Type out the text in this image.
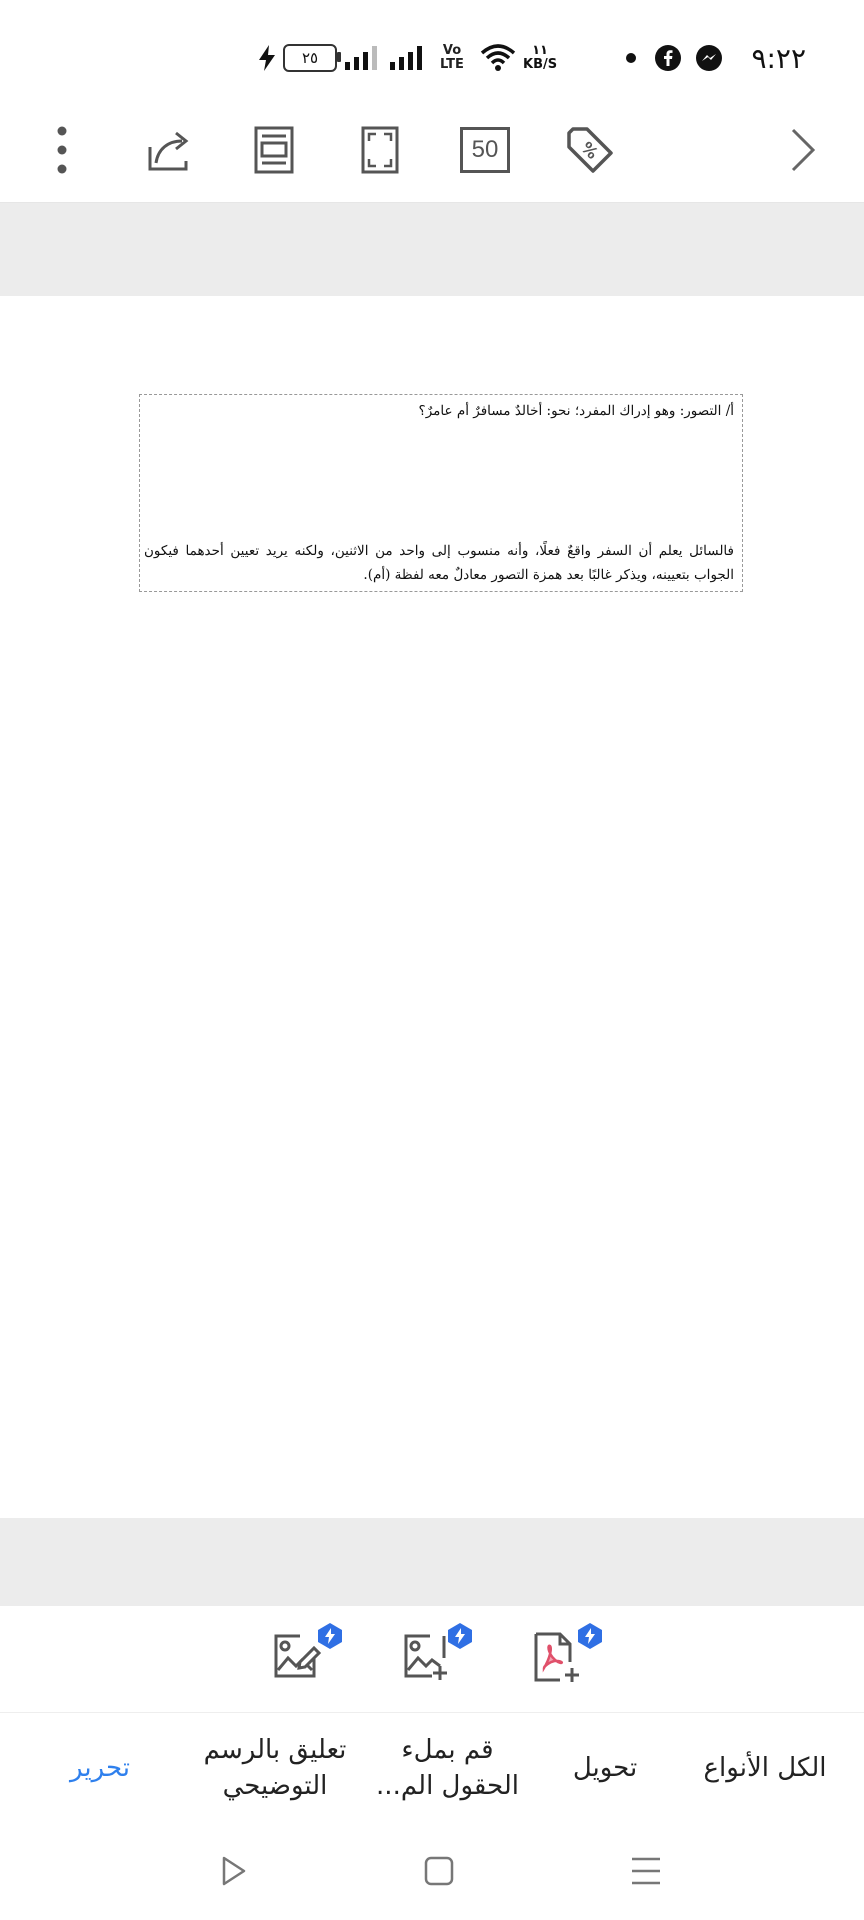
٩:٢٢
١١
KB/S
Vo LTE
٢٥
50	%
أ/ التصور: وهو إدراك المفرد؛ نحو: أخالدٌ مسافرٌ أم عامرٌ؟
فالسائل يعلم أن السفر واقعٌ فعلًا، وأنه منسوب إلى واحد من الاثنين، ولكنه يريد تعيين أحدهما فيكون الجواب بتعيينه، ويذكر غالبًا بعد همزة التصور معادلٌ معه لفظة (أم).
تحرير
تعليق بالرسم
التوضيحي
قم بملء
الحقول الم...
تحويل	الكل الأنواع
